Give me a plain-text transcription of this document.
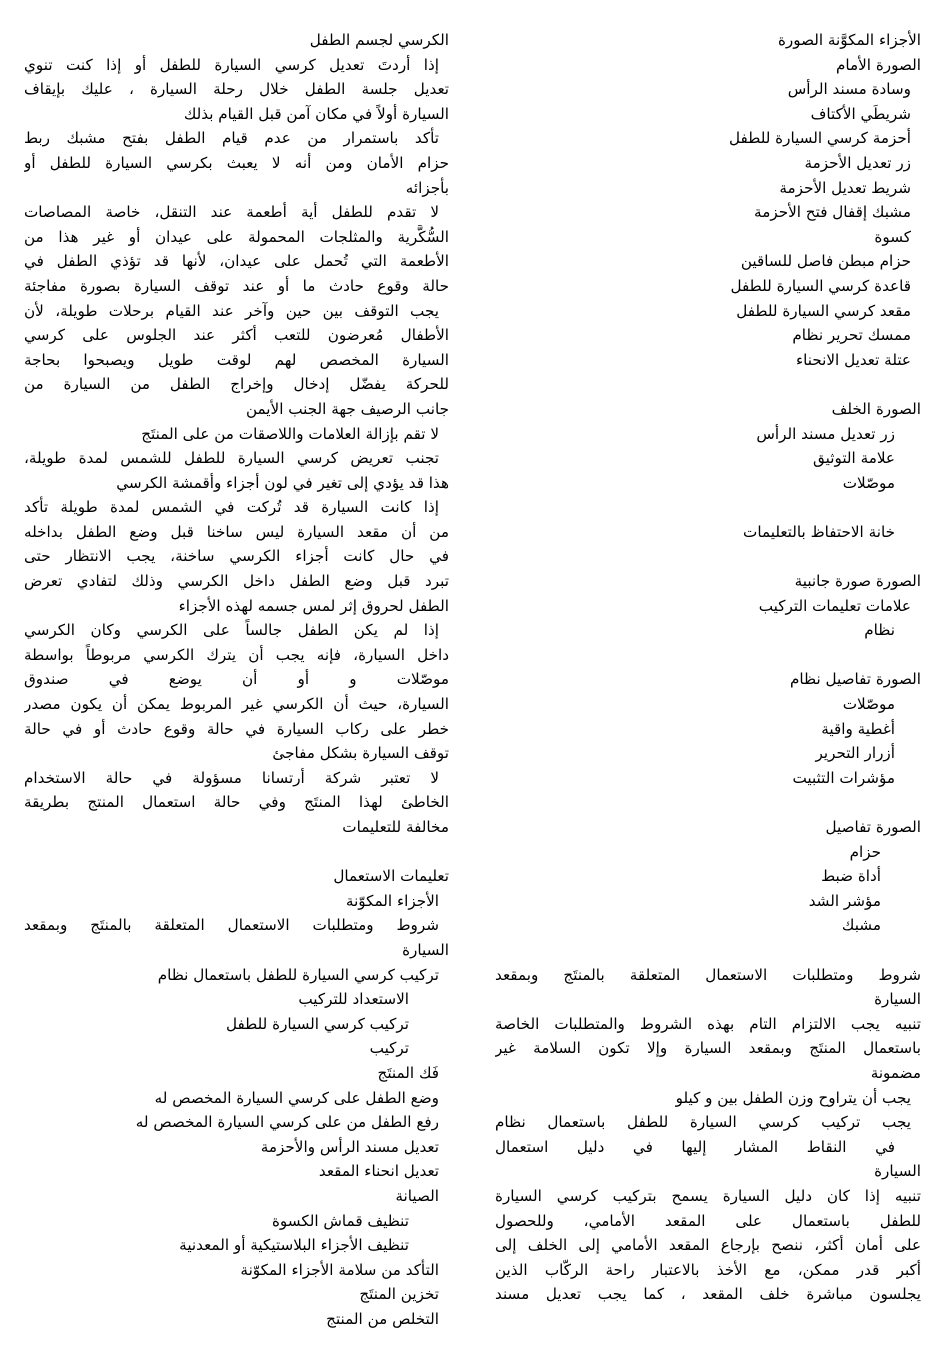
الأجزاء المكوَّنة الصورة
الصورة الأمام
وسادة مسند الرأس
شريطَي الأكتاف
أحزمة كرسي السيارة للطفل
زر تعديل الأحزمة
شريط تعديل الأحزمة
مشبك إقفال فتح الأحزمة
كسوة
حزام مبطن فاصل للساقين
قاعدة كرسي السيارة للطفل
مقعد كرسي السيارة للطفل
ممسك تحرير نظام
عتلة تعديل الانحناء
الصورة الخلف
زر تعديل مسند الرأس
علامة التوثيق
موصّلات
خانة الاحتفاظ بالتعليمات
الصورة صورة جانبية
علامات تعليمات التركيب
نظام
الصورة تفاصيل نظام
موصّلات
أغطية واقية
أزرار التحرير
مؤشرات التثبيت
الصورة تفاصيل
حزام
أداة ضبط
مؤشر الشد
مشبك
شروط ومتطلبات الاستعمال المتعلقة بالمنتَج وبمقعد
السيارة
تنبيه يجب الالتزام التام بهذه الشروط والمتطلبات الخاصة
باستعمال المنتَج وبمقعد السيارة وإلا تكون السلامة غير
مضمونة
يجب أن يتراوح وزن الطفل بين و كيلو
يجب تركيب كرسي السيارة للطفل باستعمال نظام
في النقاط المشار إليها في دليل استعمال
السيارة
تنبيه إذا كان دليل السيارة يسمح بتركيب كرسي السيارة
للطفل باستعمال على المقعد الأمامي، وللحصول
على أمان أكثر، ننصح بإرجاع المقعد الأمامي إلى الخلف إلى
أكبر قدر ممكن، مع الأخذ بالاعتبار راحة الركّاب الذين
يجلسون مباشرة خلف المقعد ، كما يجب تعديل مسند
الكرسي لجسم الطفل
إذا أردتَ تعديل كرسي السيارة للطفل أو إذا كنت تنوي
تعديل جلسة الطفل خلال رحلة السيارة ، عليك بإيقاف
السيارة أولاً في مكان آمن قبل القيام بذلك
تأكد باستمرار من عدم قيام الطفل بفتح مشبك ربط
حزام الأمان ومن أنه لا يعبث بكرسي السيارة للطفل أو
بأجزائه
لا تقدم للطفل أية أطعمة عند التنقل، خاصة المصاصات
السُّكَّرية والمثلجات المحمولة على عيدان أو غير هذا من
الأطعمة التي تُحمل على عيدان، لأنها قد تؤذي الطفل في
حالة وقوع حادث ما أو عند توقف السيارة بصورة مفاجئة
يجب التوقف بين حين وآخر عند القيام برحلات طويلة، لأن
الأطفال مُعرضون للتعب أكثر عند الجلوس على كرسي
السيارة المخصص لهم لوقت طويل ويصبحوا بحاجة
للحركة يفضّل إدخال وإخراج الطفل من السيارة من
جانب الرصيف جهة الجنب الأيمن
لا تقم بإزالة العلامات واللاصقات من على المنتَج
تجنب تعريض كرسي السيارة للطفل للشمس لمدة طويلة،
هذا قد يؤدي إلى تغير في لون أجزاء وأقمشة الكرسي
إذا كانت السيارة قد تُركت في الشمس لمدة طويلة تأكد
من أن مقعد السيارة ليس ساخنا قبل وضع الطفل بداخله
في حال كانت أجزاء الكرسي ساخنة، يجب الانتظار حتى
تبرد قبل وضع الطفل داخل الكرسي وذلك لتفادي تعرض
الطفل لحروق إثر لمس جسمه لهذه الأجزاء
إذا لم يكن الطفل جالساً على الكرسي وكان الكرسي
داخل السيارة، فإنه يجب أن يترك الكرسي مربوطاً بواسطة
موصّلات و أو أن يوضع في صندوق
السيارة، حيث أن الكرسي غير المربوط يمكن أن يكون مصدر
خطر على ركاب السيارة في حالة وقوع حادث أو في حالة
توقف السيارة بشكل مفاجئ
لا تعتبر شركة أرتسانا مسؤولة في حالة الاستخدام
الخاطئ لهذا المنتَج وفي حالة استعمال المنتج بطريقة
مخالفة للتعليمات
تعليمات الاستعمال
الأجزاء المكوّنة
شروط ومتطلبات الاستعمال المتعلقة بالمنتَج وبمقعد
السيارة
تركيب كرسي السيارة للطفل باستعمال نظام
الاستعداد للتركيب
تركيب كرسي السيارة للطفل
تركيب
فَك المنتَج
وضع الطفل على كرسي السيارة المخصص له
رفع الطفل من على كرسي السيارة المخصص له
تعديل مسند الرأس والأحزمة
تعديل انحناء المقعد
الصيانة
تنظيف قماش الكسوة
تنظيف الأجزاء البلاستيكية أو المعدنية
التأكد من سلامة الأجزاء المكوّنة
تخزين المنتَج
التخلص من المنتج
